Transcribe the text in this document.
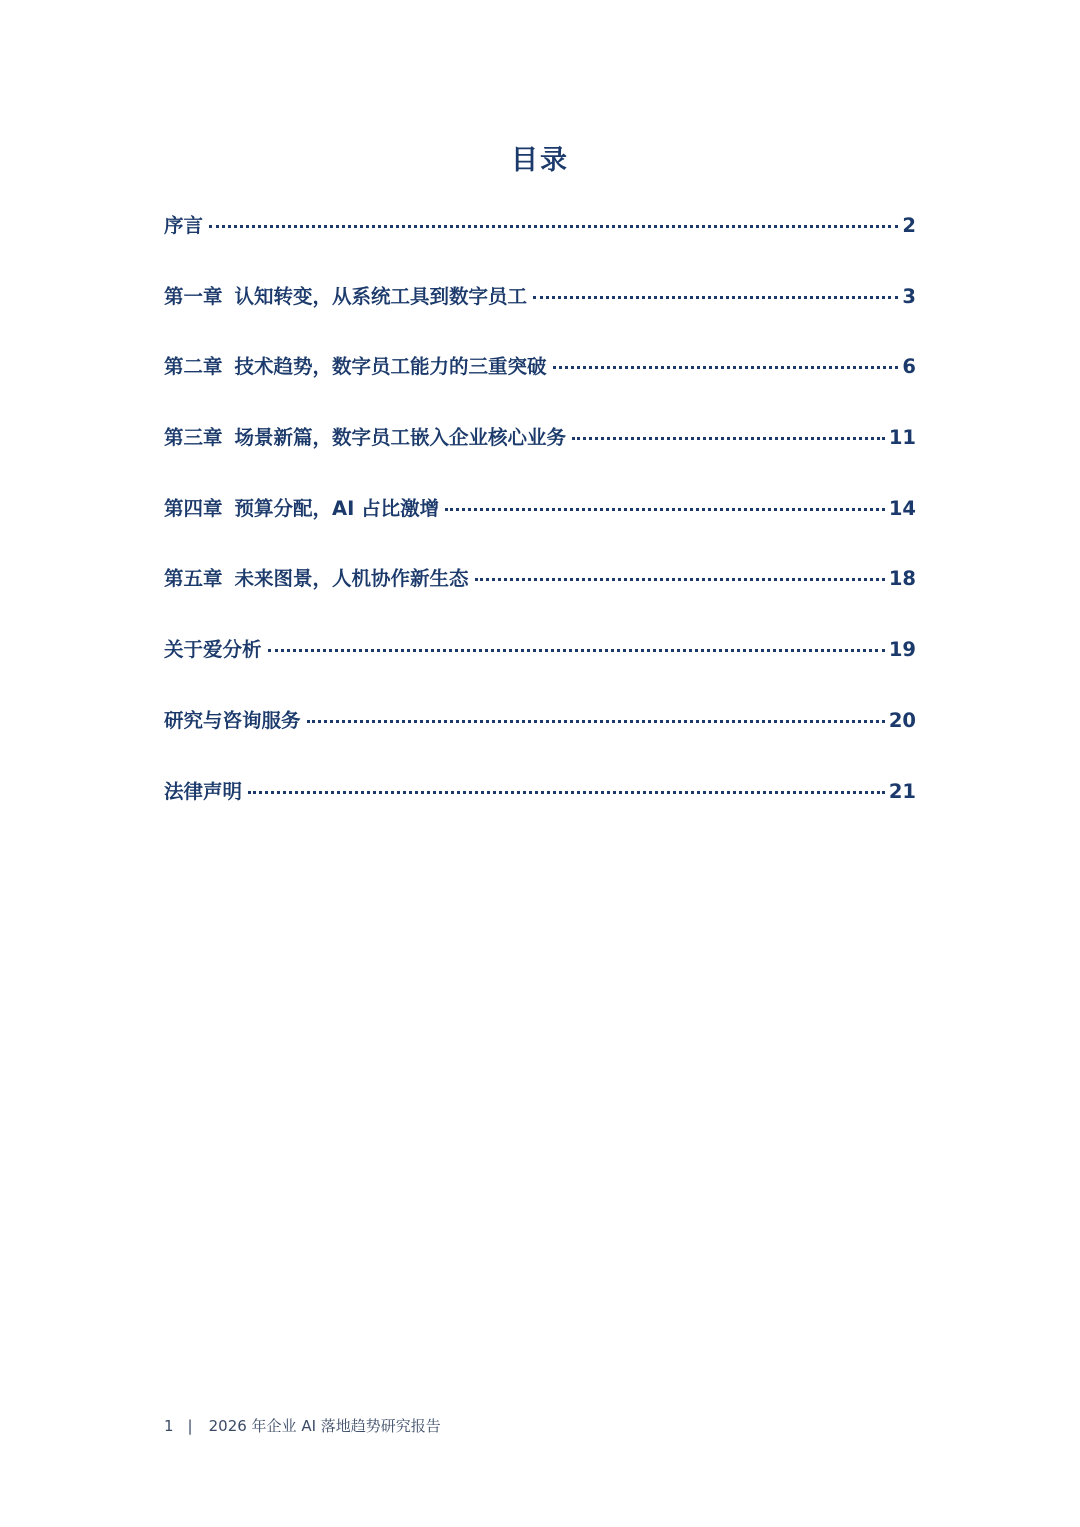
目录
序言	2
第一章 认知转变，从系统工具到数字员工	3
第二章 技术趋势，数字员工能力的三重突破	6
第三章 场景新篇，数字员工嵌入企业核心业务	11
第四章 预算分配，AI 占比激增	14
第五章 未来图景，人机协作新生态	18
关于爱分析	19
研究与咨询服务	20
法律声明	21
1 | 2026 年企业 AI 落地趋势研究报告
